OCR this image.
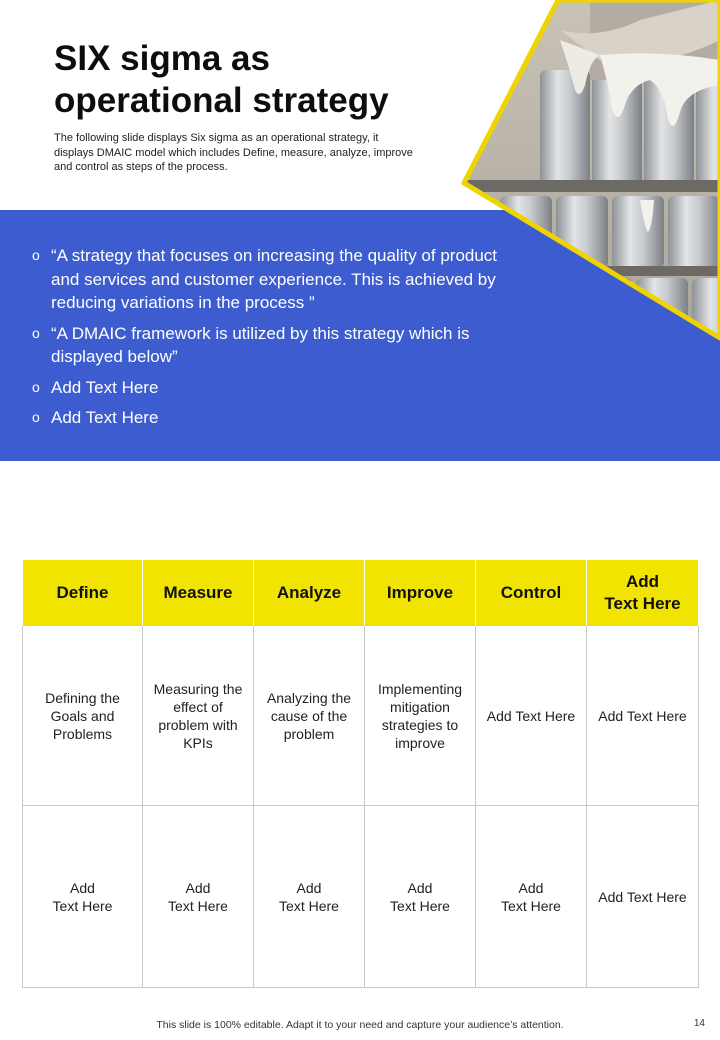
SIX sigma as
operational strategy
The following slide displays Six sigma as an operational strategy, it
displays DMAIC model which includes Define, measure, analyze, improve
and control as steps of the process.
o “A strategy that focuses on increasing the quality of product
and services and customer experience. This is achieved by
reducing variations in the process ”
o “A DMAIC framework is utilized by this strategy which is
displayed below”
o Add Text Here
o Add Text Here
Define	Measure	Analyze	Improve	Control	Add
Text Here
Defining the
Goals and
Problems	Measuring the
effect of
problem with
KPIs	Analyzing the
cause of the
problem	Implementing
mitigation
strategies to
improve	Add Text Here	Add Text Here
Add
Text Here	Add
Text Here	Add
Text Here	Add
Text Here	Add
Text Here	Add Text Here
This slide is 100% editable. Adapt it to your need and capture your audience’s attention.	14
